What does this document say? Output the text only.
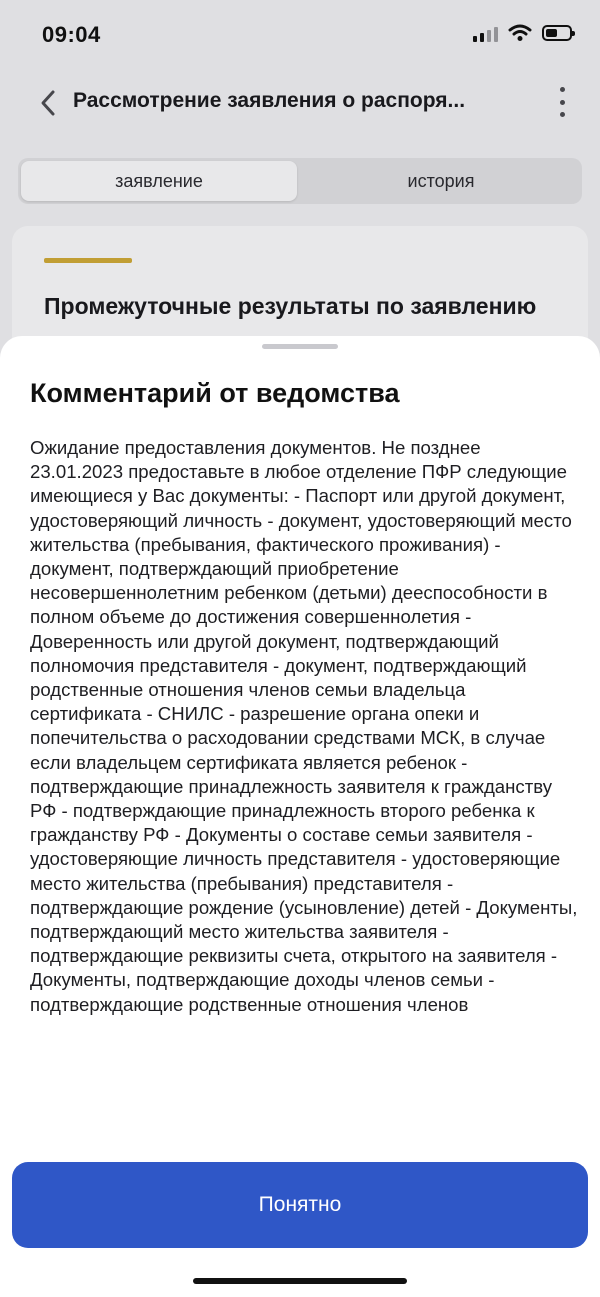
09:04
Рассмотрение заявления о распоря...
заявление	история
Промежуточные результаты по заявлению
Комментарий от ведомства
Ожидание предоставления документов. Не позднее 23.01.2023 предоставьте в любое отделение ПФР следующие имеющиеся у Вас документы: - Паспорт или другой документ, удостоверяющий личность - документ, удостоверяющий место жительства (пребывания, фактического проживания) - документ, подтверждающий приобретение несовершеннолетним ребенком (детьми) дееспособности в полном объеме до достижения совершеннолетия - Доверенность или другой документ, подтверждающий полномочия представителя - документ, подтверждающий родственные отношения членов семьи владельца сертификата - СНИЛС - разрешение органа опеки и попечительства о расходовании средствами МСК, в случае если владельцем сертификата является ребенок - подтверждающие принадлежность заявителя к гражданству РФ - подтверждающие принадлежность второго ребенка к гражданству РФ - Документы о составе семьи заявителя - удостоверяющие личность представителя - удостоверяющие место жительства (пребывания) представителя - подтверждающие рождение (усыновление) детей - Документы, подтверждающий место жительства заявителя - подтверждающие реквизиты счета, открытого на заявителя - Документы, подтверждающие доходы членов семьи - подтверждающие родственные отношения членов
Понятно
